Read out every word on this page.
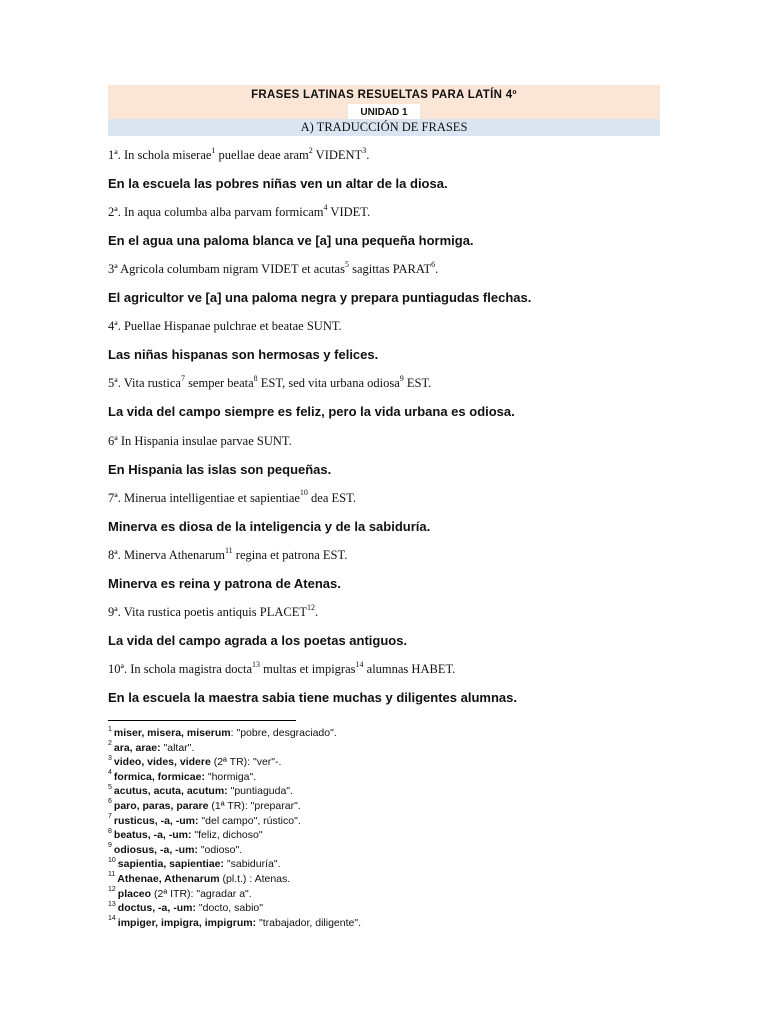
FRASES LATINAS RESUELTAS PARA LATÍN 4º
UNIDAD 1
A) TRADUCCIÓN DE FRASES
1ª. In schola miserae$^1$ puellae deae aram$^2$ VIDENT$^3$.
En la escuela las pobres niñas ven un altar de la diosa.
2ª. In aqua columba alba parvam formicam$^4$ VIDET.
En el agua una paloma blanca ve [a] una pequeña hormiga.
3ª Agricola columbam nigram VIDET et acutas$^5$ sagittas PARAT$^6$.
El agricultor ve [a] una paloma negra y prepara puntiagudas flechas.
4ª. Puellae Hispanae pulchrae et beatae SUNT.
Las niñas hispanas son hermosas y felices.
5ª. Vita rustica$^7$ semper beata$^8$ EST, sed vita urbana odiosa$^9$ EST.
La vida del campo siempre es feliz, pero la vida urbana es odiosa.
6ª In Hispania insulae parvae SUNT.
En Hispania las islas son pequeñas.
7ª. Minerua intelligentiae et sapientiae$^{10}$ dea EST.
Minerva es diosa de la inteligencia y de la sabiduría.
8ª. Minerva Athenarum$^{11}$ regina et patrona EST.
Minerva es reina y patrona de Atenas.
9ª. Vita rustica poetis antiquis PLACET$^{12}$.
La vida del campo agrada a los poetas antiguos.
10ª. In schola magistra docta$^{13}$ multas et impigras$^{14}$ alumnas HABET.
En la escuela la maestra sabia tiene muchas y diligentes alumnas.
$^1$ miser, misera, miserum: "pobre, desgraciado".
$^2$ ara, arae: "altar".
$^3$ video, vides, videre (2ª TR): "ver"-.
$^4$ formica, formicae: "hormiga".
$^5$ acutus, acuta, acutum: "puntiaguda".
$^6$ paro, paras, parare (1ª TR): "preparar".
$^7$ rusticus, -a, -um: "del campo", rústico".
$^8$ beatus, -a, -um: "feliz, dichoso"
$^9$ odiosus, -a, -um: "odioso".
$^{10}$ sapientia, sapientiae: "sabiduría".
$^{11}$ Athenae, Athenarum (pl.t.) : Atenas.
$^{12}$ placeo (2ª ITR): "agradar a".
$^{13}$ doctus, -a, -um: "docto, sabio"
$^{14}$ impiger, impigra, impigrum: "trabajador, diligente".
